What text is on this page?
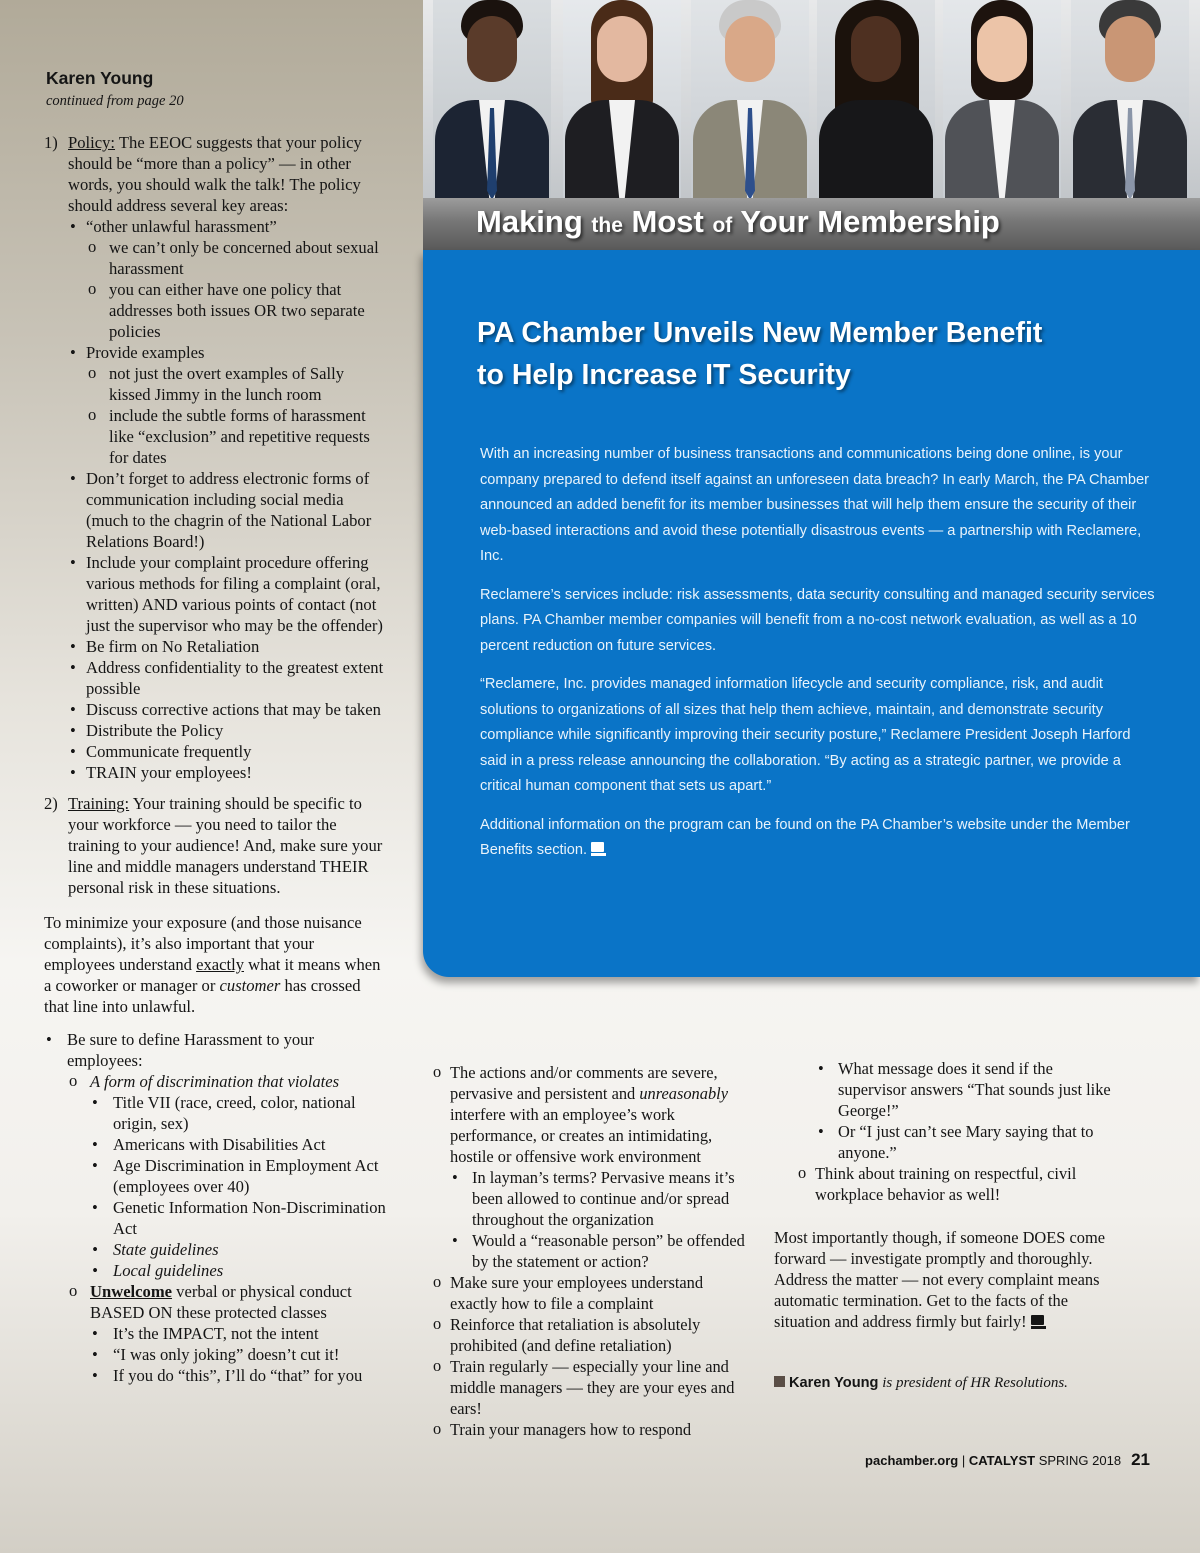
Karen Young
continued from page 20
1) Policy: The EEOC suggests that your policy should be “more than a policy” — in other words, you should walk the talk! The policy should address several key areas:
• “other unlawful harassment”
o we can’t only be concerned about sexual harassment
o you can either have one policy that addresses both issues OR two separate policies
• Provide examples
o not just the overt examples of Sally kissed Jimmy in the lunch room
o include the subtle forms of harassment like “exclusion” and repetitive requests for dates
• Don’t forget to address electronic forms of communication including social media (much to the chagrin of the National Labor Relations Board!)
• Include your complaint procedure offering various methods for filing a complaint (oral, written) AND various points of contact (not just the supervisor who may be the offender)
• Be firm on No Retaliation
• Address confidentiality to the greatest extent possible
• Discuss corrective actions that may be taken
• Distribute the Policy
• Communicate frequently
• TRAIN your employees!
2) Training: Your training should be specific to your workforce — you need to tailor the training to your audience! And, make sure your line and middle managers understand THEIR personal risk in these situations.

To minimize your exposure (and those nuisance complaints), it’s also important that your employees understand exactly what it means when a coworker or manager or customer has crossed that line into unlawful.

• Be sure to define Harassment to your employees:
o A form of discrimination that violates
• Title VII (race, creed, color, national origin, sex)
• Americans with Disabilities Act
• Age Discrimination in Employment Act (employees over 40)
• Genetic Information Non-Discrimination Act
• State guidelines
• Local guidelines
o Unwelcome verbal or physical conduct BASED ON these protected classes
• It’s the IMPACT, not the intent
• “I was only joking” doesn’t cut it!
• If you do “this”, I’ll do “that” for you
Making the Most of Your Membership
PA Chamber Unveils New Member Benefit
to Help Increase IT Security

With an increasing number of business transactions and communications being done online, is your company prepared to defend itself against an unforeseen data breach? In early March, the PA Chamber announced an added benefit for its member businesses that will help them ensure the security of their web-based interactions and avoid these potentially disastrous events — a partnership with Reclamere, Inc.

Reclamere’s services include: risk assessments, data security consulting and managed security services plans. PA Chamber member companies will benefit from a no-cost network evaluation, as well as a 10 percent reduction on future services.

“Reclamere, Inc. provides managed information lifecycle and security compliance, risk, and audit solutions to organizations of all sizes that help them achieve, maintain, and demonstrate security compliance while significantly improving their security posture,” Reclamere President Joseph Harford said in a press release announcing the collaboration. “By acting as a strategic partner, we provide a critical human component that sets us apart.”

Additional information on the program can be found on the PA Chamber’s website under the Member Benefits section.

o The actions and/or comments are severe, pervasive and persistent and unreasonably interfere with an employee’s work performance, or creates an intimidating, hostile or offensive work environment
• In layman’s terms? Pervasive means it’s been allowed to continue and/or spread throughout the organization
• Would a “reasonable person” be offended by the statement or action?
o Make sure your employees understand exactly how to file a complaint
o Reinforce that retaliation is absolutely prohibited (and define retaliation)
o Train regularly — especially your line and middle managers — they are your eyes and ears!
o Train your managers how to respond
• What message does it send if the supervisor answers “That sounds just like George!”
• Or “I just can’t see Mary saying that to anyone.”
o Think about training on respectful, civil workplace behavior as well!

Most importantly though, if someone DOES come forward — investigate promptly and thoroughly. Address the matter — not every complaint means automatic termination. Get to the facts of the situation and address firmly but fairly!

Karen Young is president of HR Resolutions.
pachamber.org | CATALYST SPRING 2018 21
